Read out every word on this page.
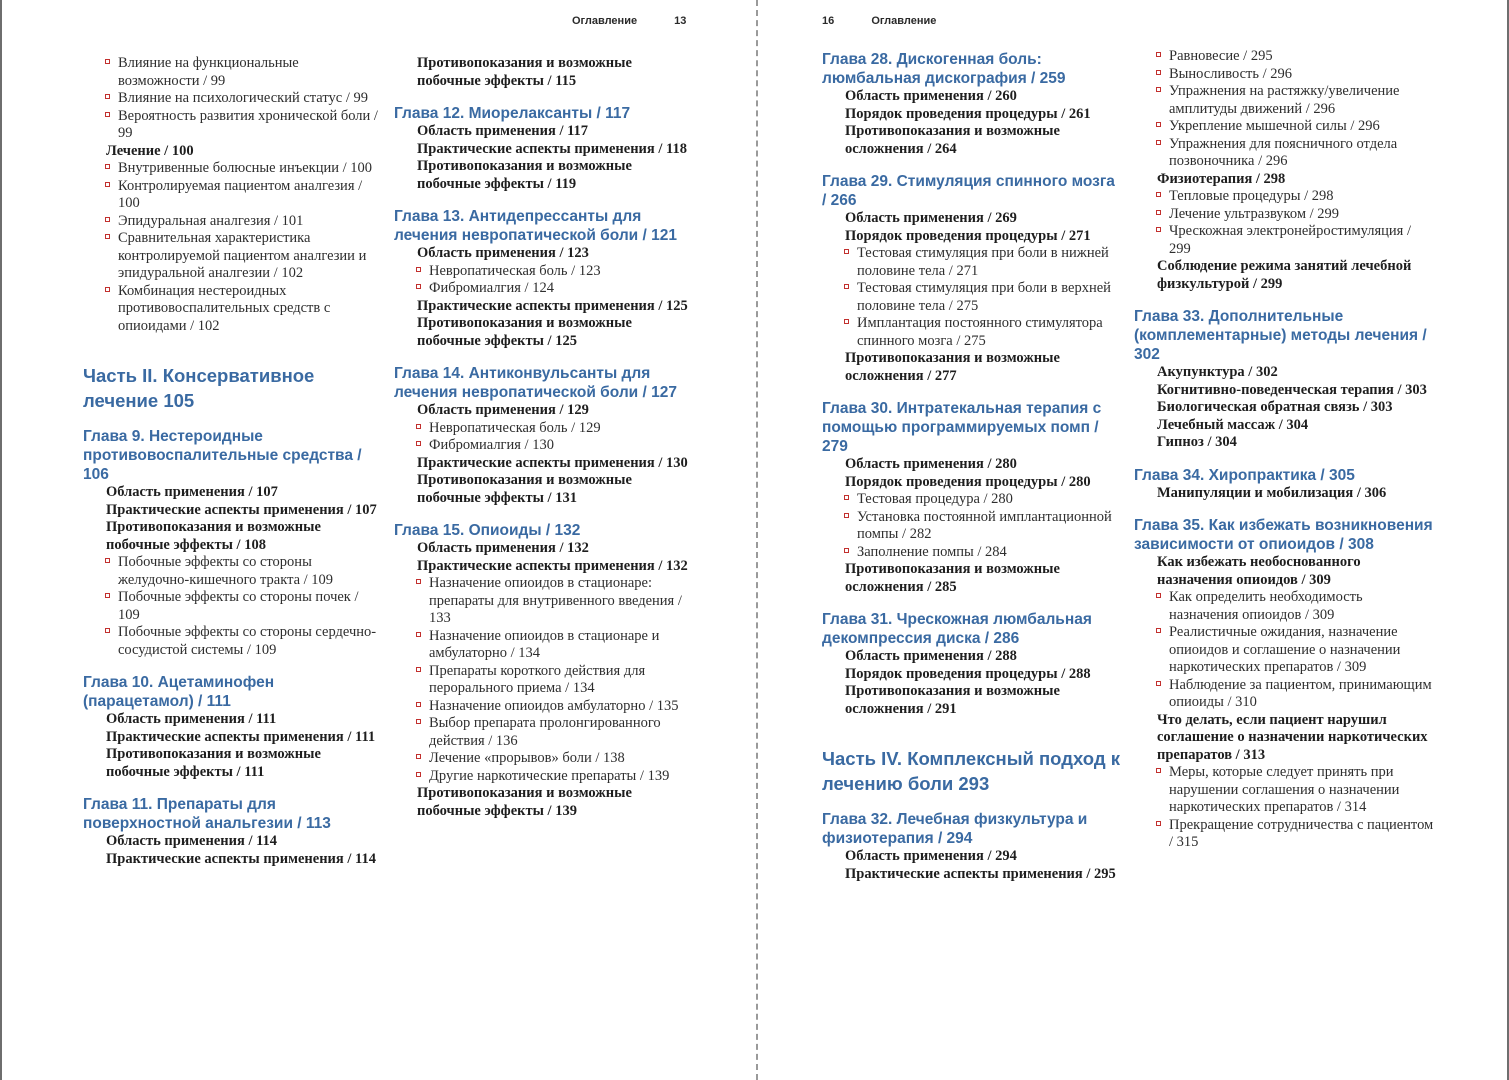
Оглавление	13	16	Оглавление
Влияние на функциональные возможности / 99
Влияние на психологический статус / 99
Вероятность развития хронической боли / 99
Лечение / 100
Внутривенные болюсные инъекции / 100
Контролируемая пациентом аналгезия / 100
Эпидуральная аналгезия / 101
Сравнительная характеристика контролируемой пациентом аналгезии и эпидуральной аналгезии / 102
Комбинация нестероидных противовоспалительных средств с опиоидами / 102
Часть II. Консервативное лечение 105
Глава 9. Нестероидные противовоспалительные средства / 106
Область применения / 107
Практические аспекты применения / 107
Противопоказания и возможные побочные эффекты / 108
Побочные эффекты со стороны желудочно-кишечного тракта / 109
Побочные эффекты со стороны почек / 109
Побочные эффекты со стороны сердечно-сосудистой системы / 109
Глава 10. Ацетаминофен (парацетамол) / 111
Область применения / 111
Практические аспекты применения / 111
Противопоказания и возможные побочные эффекты / 111
Глава 11. Препараты для поверхностной анальгезии / 113
Область применения / 114
Практические аспекты применения / 114
Противопоказания и возможные побочные эффекты / 115
Глава 12. Миорелаксанты / 117
Область применения / 117
Практические аспекты применения / 118
Противопоказания и возможные побочные эффекты / 119
Глава 13. Антидепрессанты для лечения невропатической боли / 121
Область применения / 123
Невропатическая боль / 123
Фибромиалгия / 124
Практические аспекты применения / 125
Противопоказания и возможные побочные эффекты / 125
Глава 14. Антиконвульсанты для лечения невропатической боли / 127
Область применения / 129
Невропатическая боль / 129
Фибромиалгия / 130
Практические аспекты применения / 130
Противопоказания и возможные побочные эффекты / 131
Глава 15. Опиоиды / 132
Область применения / 132
Практические аспекты применения / 132
Назначение опиоидов в стационаре: препараты для внутривенного введения / 133
Назначение опиоидов в стационаре и амбулаторно / 134
Препараты короткого действия для перорального приема / 134
Назначение опиоидов амбулаторно / 135
Выбор препарата пролонгированного действия / 136
Лечение «прорывов» боли / 138
Другие наркотические препараты / 139
Противопоказания и возможные побочные эффекты / 139
Глава 28. Дискогенная боль: люмбальная дискография / 259
Область применения / 260
Порядок проведения процедуры / 261
Противопоказания и возможные осложнения / 264
Глава 29. Стимуляция спинного мозга / 266
Область применения / 269
Порядок проведения процедуры / 271
Тестовая стимуляция при боли в нижней половине тела / 271
Тестовая стимуляция при боли в верхней половине тела / 275
Имплантация постоянного стимулятора спинного мозга / 275
Противопоказания и возможные осложнения / 277
Глава 30. Интратекальная терапия с помощью программируемых помп / 279
Область применения / 280
Порядок проведения процедуры / 280
Тестовая процедура / 280
Установка постоянной имплантационной помпы / 282
Заполнение помпы / 284
Противопоказания и возможные осложнения / 285
Глава 31. Чрескожная люмбальная декомпрессия диска / 286
Область применения / 288
Порядок проведения процедуры / 288
Противопоказания и возможные осложнения / 291
Часть IV. Комплексный подход к лечению боли 293
Глава 32. Лечебная физкультура и физиотерапия / 294
Область применения / 294
Практические аспекты применения / 295
Равновесие / 295
Выносливость / 296
Упражнения на растяжку/увеличение амплитуды движений / 296
Укрепление мышечной силы / 296
Упражнения для поясничного отдела позвоночника / 296
Физиотерапия / 298
Тепловые процедуры / 298
Лечение ультразвуком / 299
Чрескожная электронейростимуляция / 299
Соблюдение режима занятий лечебной физкультурой / 299
Глава 33. Дополнительные (комплементарные) методы лечения / 302
Акупунктура / 302
Когнитивно-поведенческая терапия / 303
Биологическая обратная связь / 303
Лечебный массаж / 304
Гипноз / 304
Глава 34. Хиропрактика / 305
Манипуляции и мобилизация / 306
Глава 35. Как избежать возникновения зависимости от опиоидов / 308
Как избежать необоснованного назначения опиоидов / 309
Как определить необходимость назначения опиоидов / 309
Реалистичные ожидания, назначение опиоидов и соглашение о назначении наркотических препаратов / 309
Наблюдение за пациентом, принимающим опиоиды / 310
Что делать, если пациент нарушил соглашение о назначении наркотических препаратов / 313
Меры, которые следует принять при нарушении соглашения о назначении наркотических препаратов / 314
Прекращение сотрудничества с пациентом / 315
